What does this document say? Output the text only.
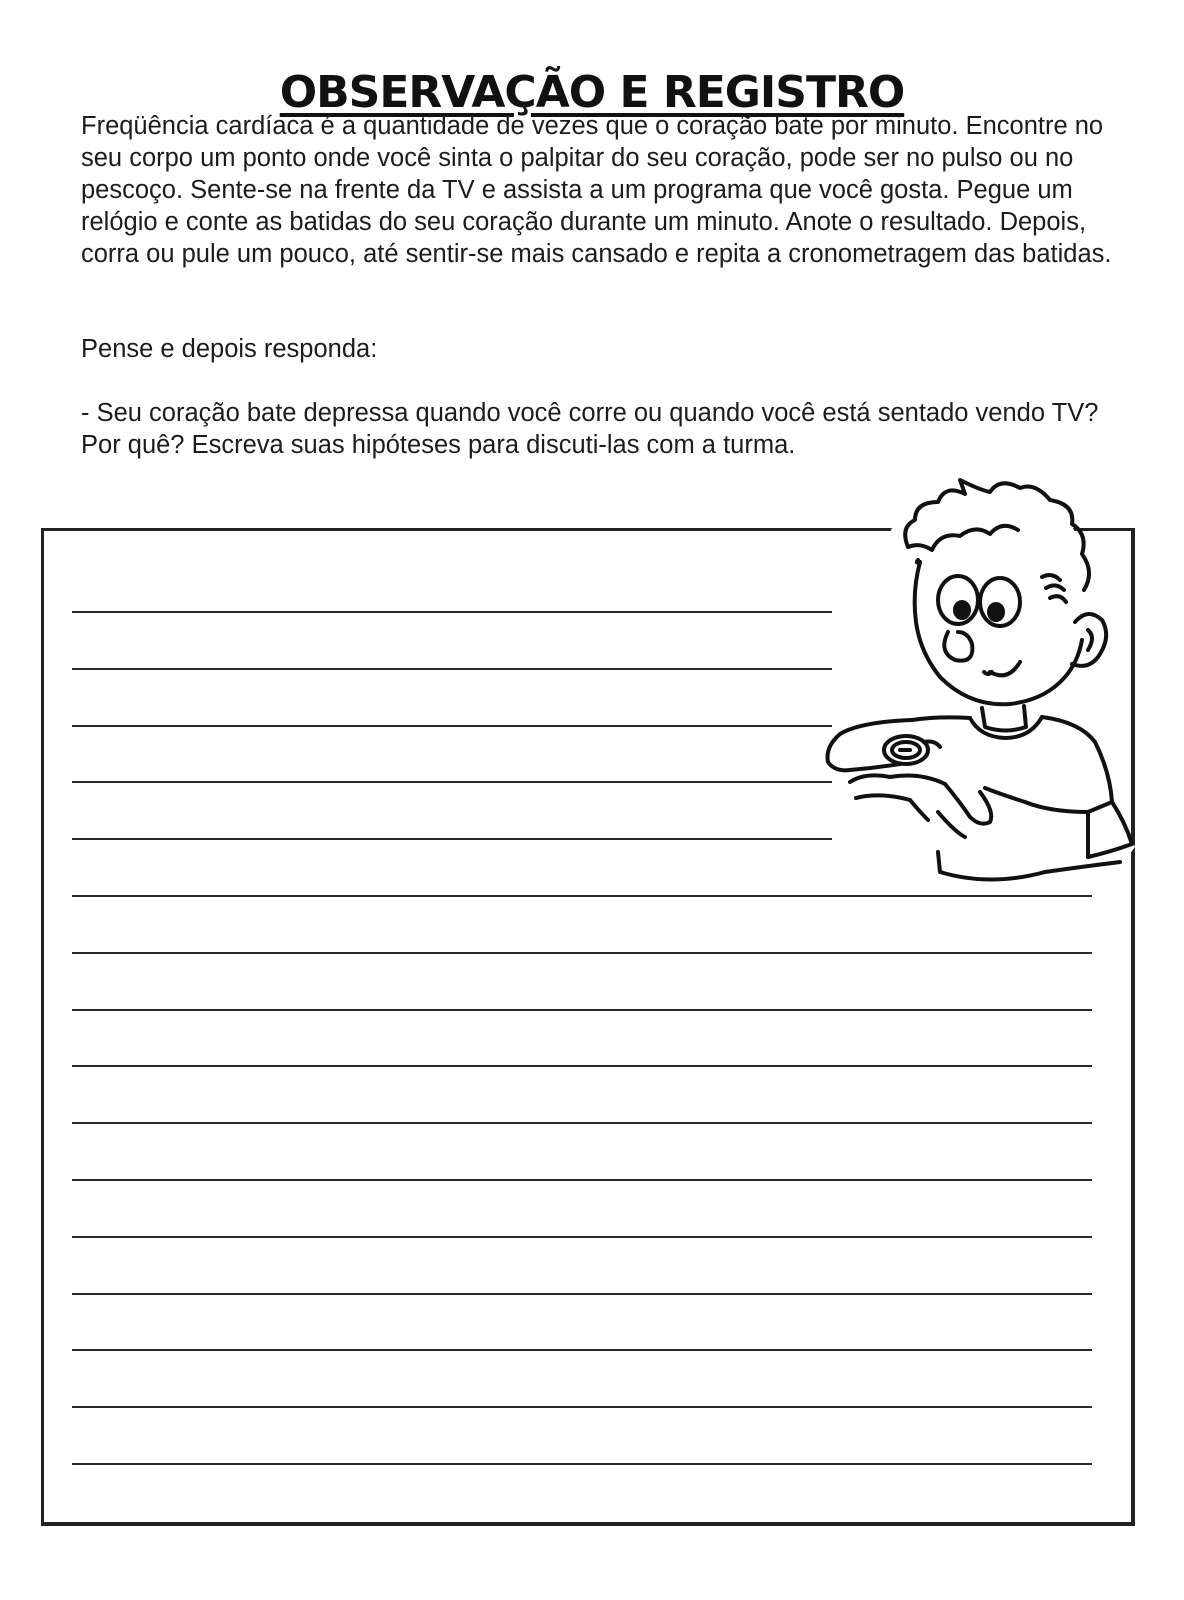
OBSERVAÇÃO E REGISTRO

Freqüência cardíaca é a quantidade de vezes que o coração bate por minuto. Encontre no seu corpo um ponto onde você sinta o palpitar do seu coração, pode ser no pulso ou no pescoço. Sente-se na frente da TV e assista a um programa que você gosta. Pegue um relógio e conte as batidas do seu coração durante um minuto. Anote o resultado. Depois, corra ou pule um pouco, até sentir-se mais cansado e repita a cronometragem das batidas.

Pense e depois responda:

- Seu coração bate depressa quando você corre ou quando você está sentado vendo TV? Por quê? Escreva suas hipóteses para discuti-las com a turma.
